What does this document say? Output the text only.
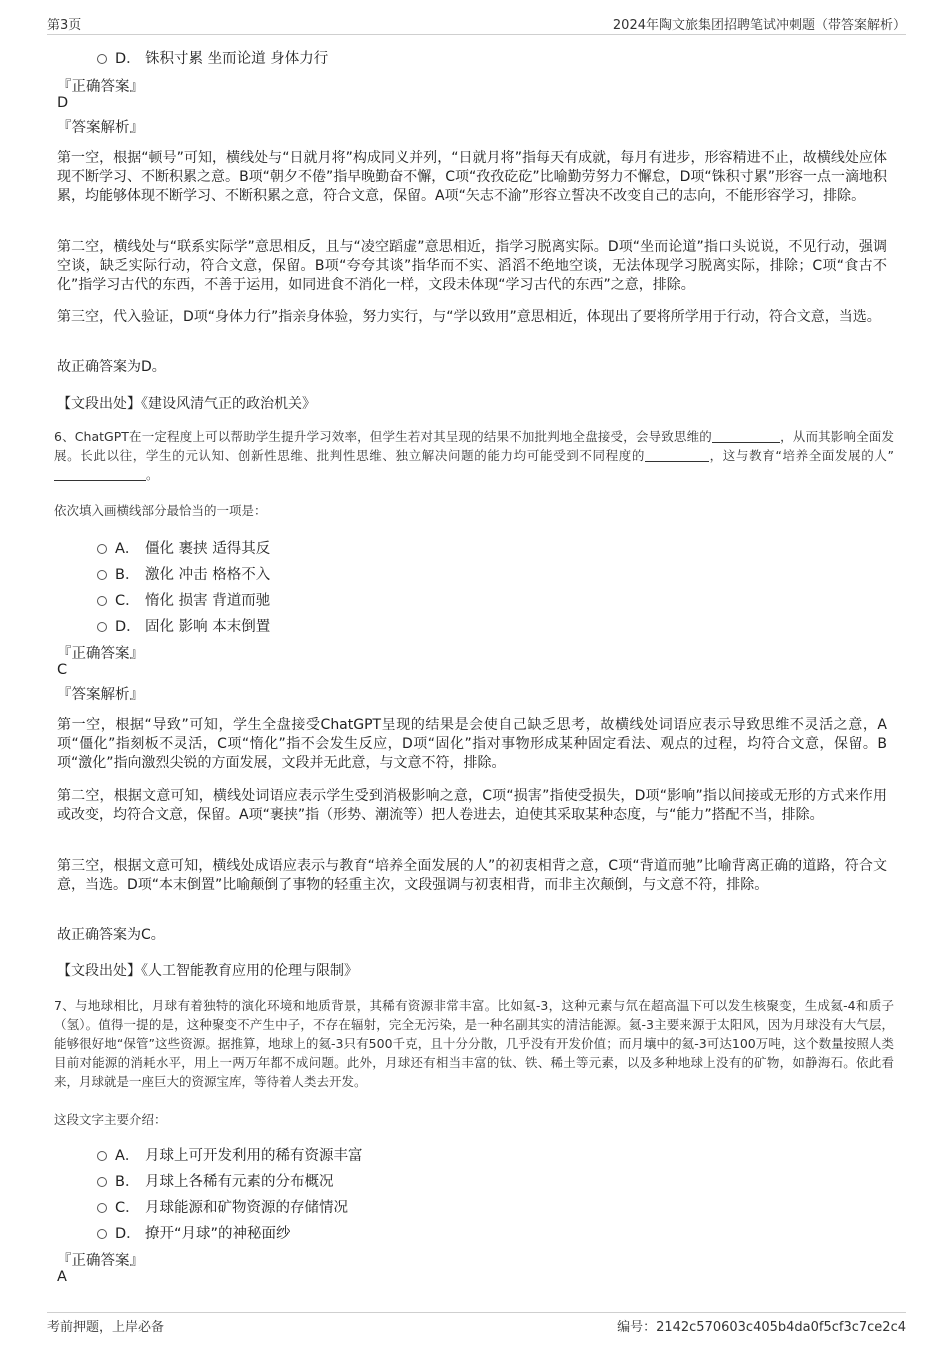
第3页	2024年陶文旅集团招聘笔试冲刺题（带答案解析）
D． 铢积寸累 坐而论道 身体力行
『正确答案』
D
『答案解析』
第一空，根据“顿号”可知，横线处与“日就月将”构成同义并列，“日就月将”指每天有成就，每月有进步，形容精进不止，故横线处应体现不断学习、不断积累之意。B项“朝夕不倦”指早晚勤奋不懈，C项“孜孜矻矻”比喻勤劳努力不懈怠，D项“铢积寸累”形容一点一滴地积累，均能够体现不断学习、不断积累之意，符合文意，保留。A项“矢志不渝”形容立誓决不改变自己的志向，不能形容学习，排除。
第二空，横线处与“联系实际学”意思相反，且与“凌空蹈虚”意思相近，指学习脱离实际。D项“坐而论道”指口头说说，不见行动，强调空谈，缺乏实际行动，符合文意，保留。B项“夸夸其谈”指华而不实、滔滔不绝地空谈，无法体现学习脱离实际，排除；C项“食古不化”指学习古代的东西，不善于运用，如同进食不消化一样，文段未体现“学习古代的东西”之意，排除。
第三空，代入验证，D项“身体力行”指亲身体验，努力实行，与“学以致用”意思相近，体现出了要将所学用于行动，符合文意，当选。
故正确答案为D。
【文段出处】《建设风清气正的政治机关》
6、ChatGPT在一定程度上可以帮助学生提升学习效率，但学生若对其呈现的结果不加批判地全盘接受，会导致思维的	，从而其影响全面发展。长此以往，学生的元认知、创新性思维、批判性思维、独立解决问题的能力均可能受到不同程度的	，这与教育“培养全面发展的人”。
依次填入画横线部分最恰当的一项是：
A． 僵化 裹挟 适得其反
B． 激化 冲击 格格不入
C． 惰化 损害 背道而驰
D． 固化 影响 本末倒置
『正确答案』
C
『答案解析』
第一空，根据“导致”可知，学生全盘接受ChatGPT呈现的结果是会使自己缺乏思考，故横线处词语应表示导致思维不灵活之意，A项“僵化”指刻板不灵活，C项“惰化”指不会发生反应，D项“固化”指对事物形成某种固定看法、观点的过程，均符合文意，保留。B项“激化”指向激烈尖锐的方面发展，文段并无此意，与文意不符，排除。
第二空，根据文意可知，横线处词语应表示学生受到消极影响之意，C项“损害”指使受损失，D项“影响”指以间接或无形的方式来作用或改变，均符合文意，保留。A项“裹挟”指（形势、潮流等）把人卷进去，迫使其采取某种态度，与“能力”搭配不当，排除。
第三空，根据文意可知，横线处成语应表示与教育“培养全面发展的人”的初衷相背之意，C项“背道而驰”比喻背离正确的道路，符合文意，当选。D项“本末倒置”比喻颠倒了事物的轻重主次，文段强调与初衷相背，而非主次颠倒，与文意不符，排除。
故正确答案为C。
【文段出处】《人工智能教育应用的伦理与限制》
7、与地球相比，月球有着独特的演化环境和地质背景，其稀有资源非常丰富。比如氦-3，这种元素与氘在超高温下可以发生核聚变，生成氦-4和质子（氢）。值得一提的是，这种聚变不产生中子，不存在辐射，完全无污染，是一种名副其实的清洁能源。氦-3主要来源于太阳风，因为月球没有大气层，能够很好地“保管”这些资源。据推算，地球上的氦-3只有500千克，且十分分散，几乎没有开发价值；而月壤中的氦-3可达100万吨，这个数量按照人类目前对能源的消耗水平，用上一两万年都不成问题。此外，月球还有相当丰富的钛、铁、稀土等元素，以及多种地球上没有的矿物，如静海石。依此看来，月球就是一座巨大的资源宝库，等待着人类去开发。
这段文字主要介绍：
A． 月球上可开发利用的稀有资源丰富
B． 月球上各稀有元素的分布概况
C． 月球能源和矿物资源的存储情况
D． 撩开“月球”的神秘面纱
『正确答案』
A
考前押题，上岸必备	编号：2142c570603c405b4da0f5cf3c7ce2c4
